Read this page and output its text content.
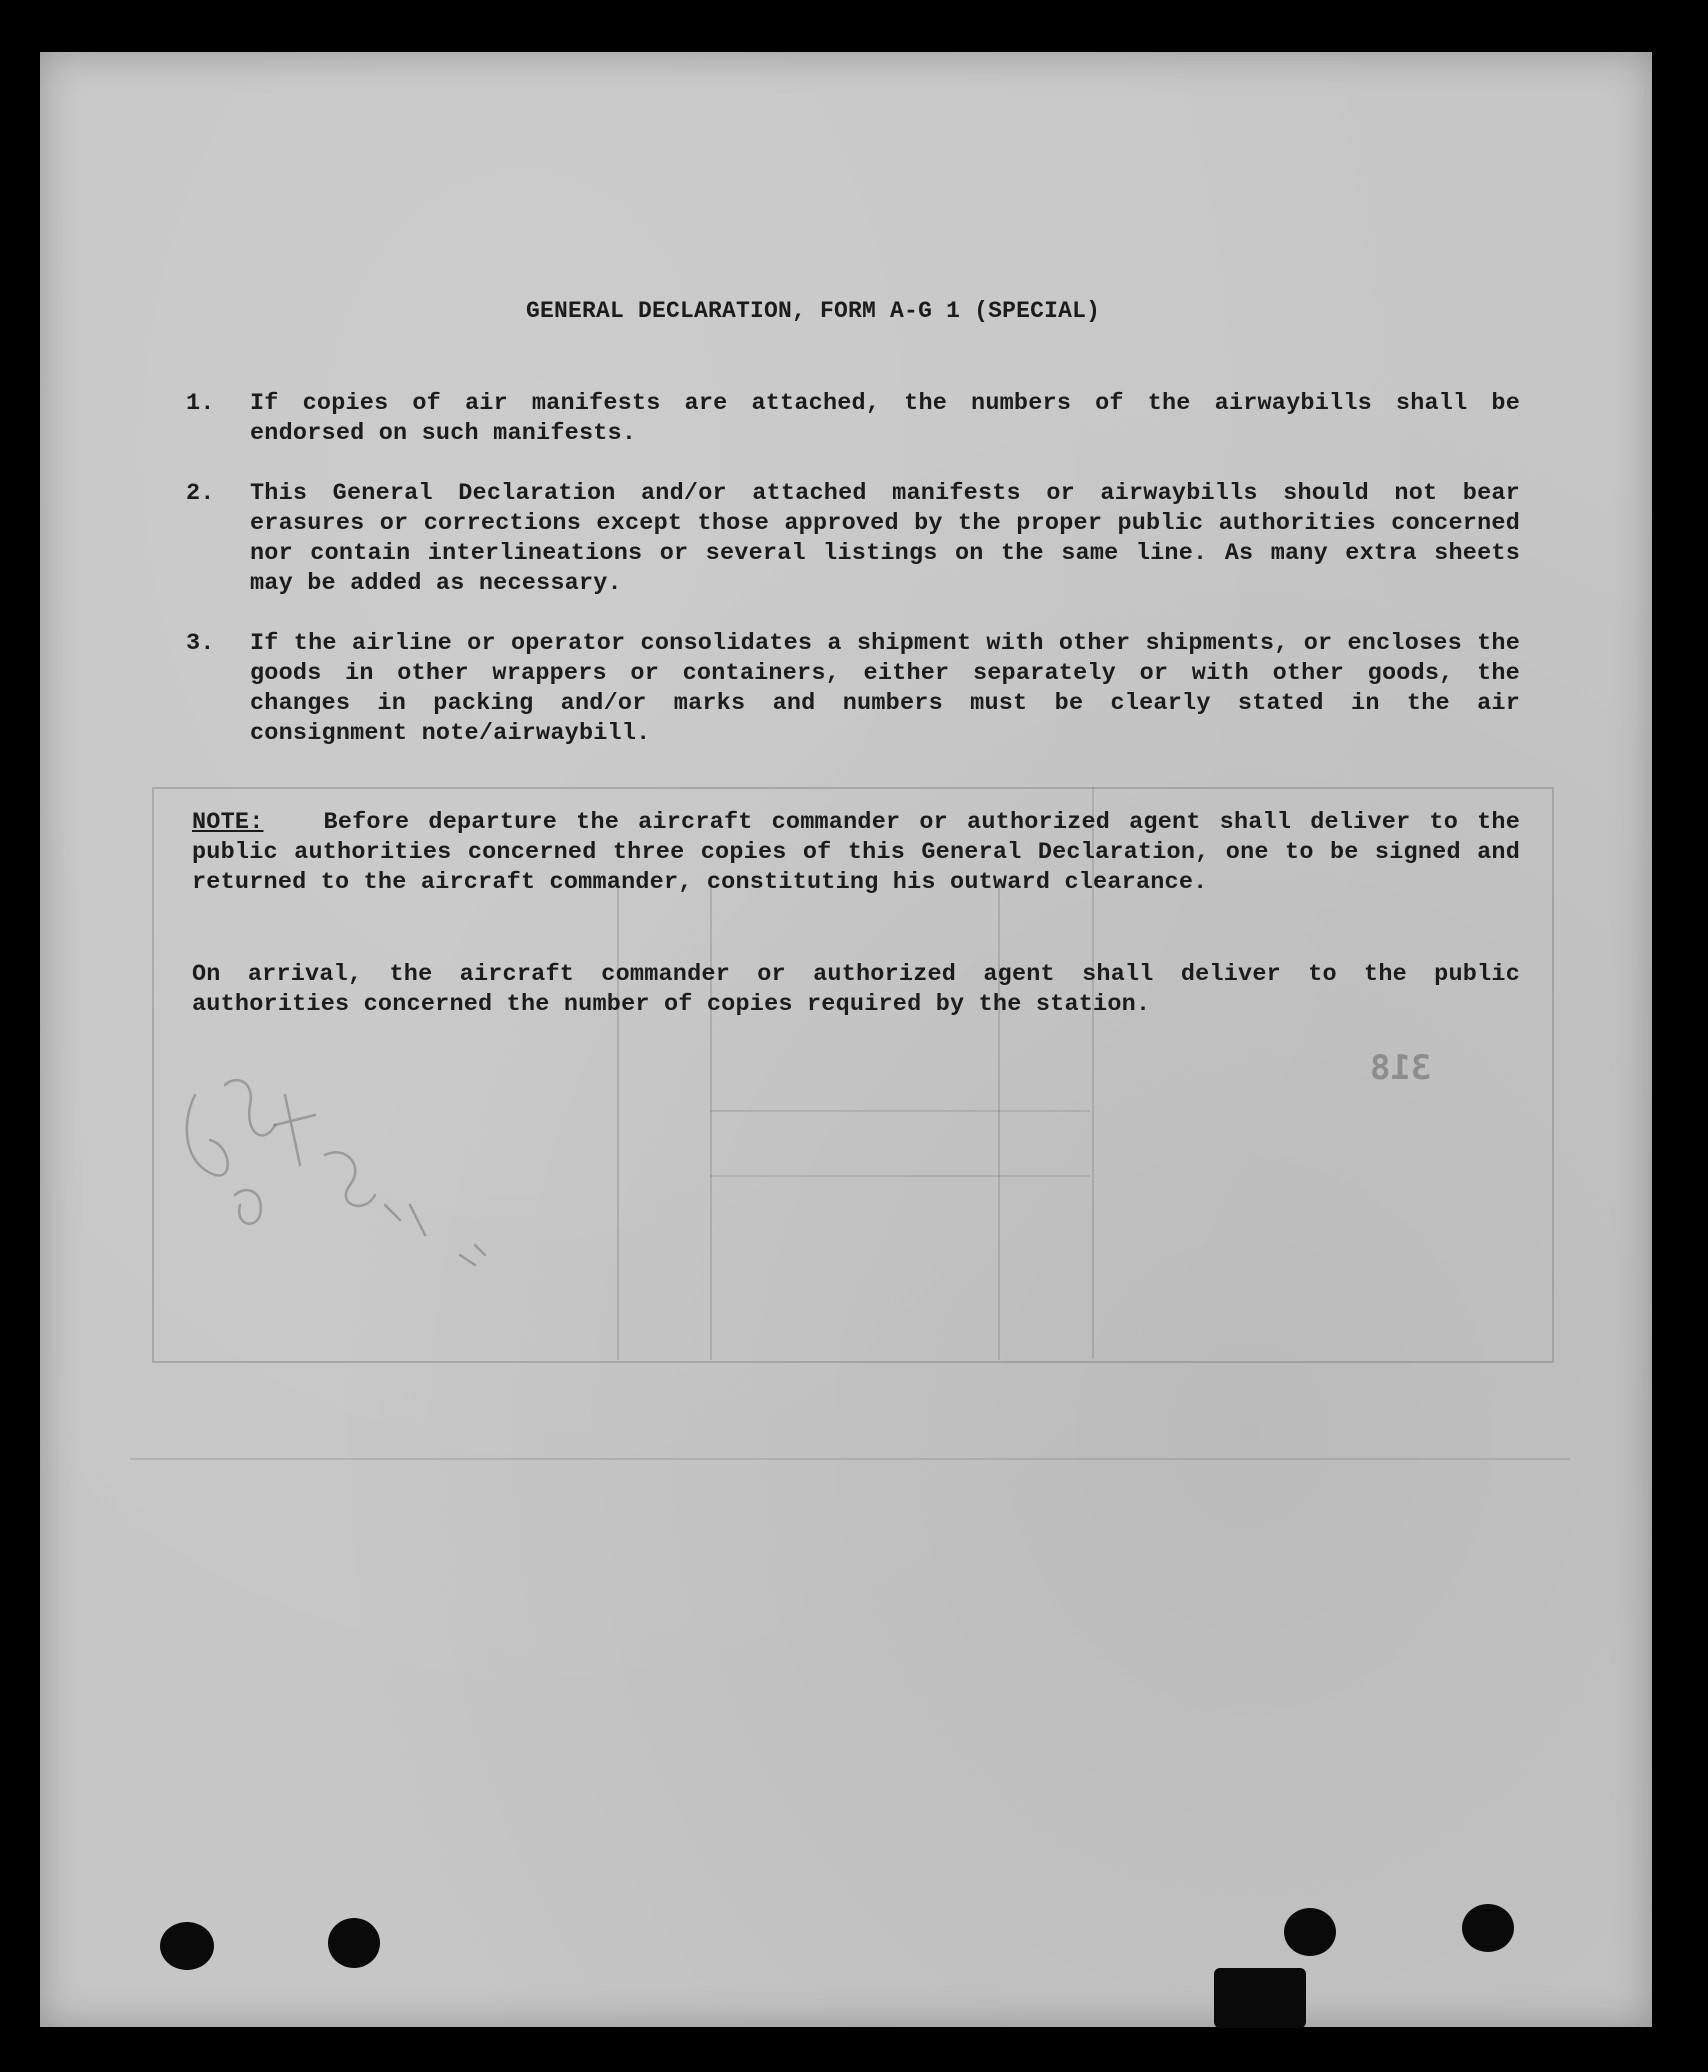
GENERAL DECLARATION, FORM A-G 1 (SPECIAL)
1.	If copies of air manifests are attached, the numbers of the airwaybills shall be endorsed on such manifests.
2.	This General Declaration and/or attached manifests or airwaybills should not bear erasures or corrections except those approved by the proper public authorities concerned nor contain interlineations or several listings on the same line. As many extra sheets may be added as necessary.
3.	If the airline or operator consolidates a shipment with other shipments, or encloses the goods in other wrappers or containers, either separately or with other goods, the changes in packing and/or marks and numbers must be clearly stated in the air consignment note/airwaybill.
NOTE:	Before departure the aircraft commander or authorized agent shall deliver to the public authorities concerned three copies of this General Declaration, one to be signed and returned to the aircraft commander, constituting his outward clearance.
On arrival, the aircraft commander or authorized agent shall deliver to the public authorities concerned the number of copies required by the station.
318
